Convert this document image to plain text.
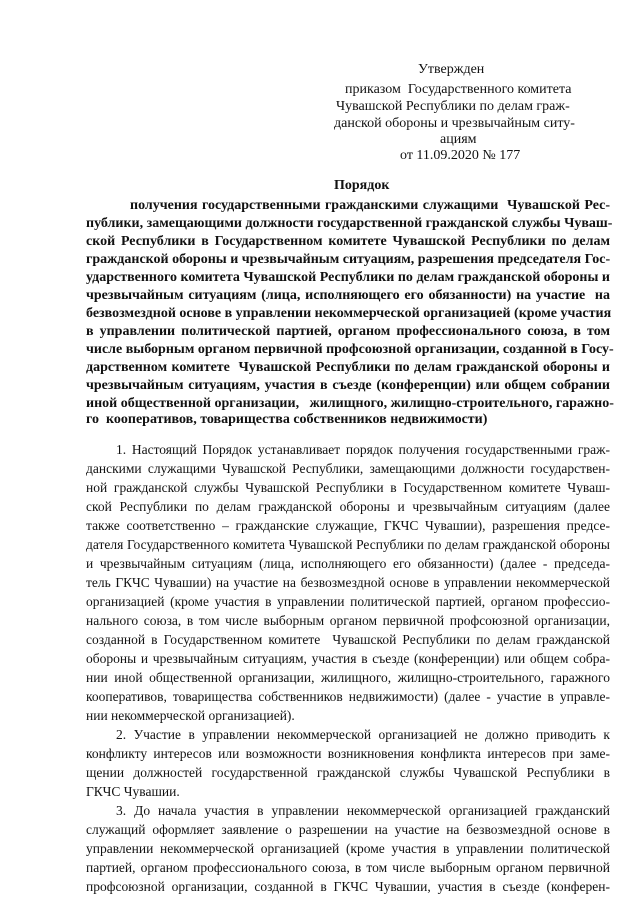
Утвержден
приказом  Государственного комитета
Чувашской Республики по делам граж-
данской обороны и чрезвычайным ситу-
ациям
от 11.09.2020 № 177
Порядок
получения государственными гражданскими служащими  Чувашской Рес-
публики, замещающими должности государственной гражданской службы Чуваш-
ской Республики в Государственном комитете Чувашской Республики по делам
гражданской обороны и чрезвычайным ситуациям, разрешения председателя Гос-
ударственного комитета Чувашской Республики по делам гражданской обороны и
чрезвычайным ситуациям (лица, исполняющего его обязанности) на участие  на
безвозмездной основе в управлении некоммерческой организацией (кроме участия
в управлении политической партией, органом профессионального союза, в том
числе выборным органом первичной профсоюзной организации, созданной в Госу-
дарственном комитете  Чувашской Республики по делам гражданской обороны и
чрезвычайным ситуациям, участия в съезде (конференции) или общем собрании
иной общественной организации,   жилищного, жилищно-строительного, гаражно-
го  кооперативов, товарищества собственников недвижимости)
1. Настоящий Порядок устанавливает порядок получения государственными граж-
данскими служащими Чувашской Республики, замещающими должности государствен-
ной гражданской службы Чувашской Республики в Государственном комитете Чуваш-
ской Республики по делам гражданской обороны и чрезвычайным ситуациям (далее
также соответственно – гражданские служащие, ГКЧС Чувашии), разрешения предсе-
дателя Государственного комитета Чувашской Республики по делам гражданской обороны
и чрезвычайным ситуациям (лица, исполняющего его обязанности) (далее - председа-
тель ГКЧС Чувашии) на участие на безвозмездной основе в управлении некоммерческой
организацией (кроме участия в управлении политической партией, органом профессио-
нального союза, в том числе выборным органом первичной профсоюзной организации,
созданной в Государственном комитете  Чувашской Республики по делам гражданской
обороны и чрезвычайным ситуациям, участия в съезде (конференции) или общем собра-
нии иной общественной организации, жилищного, жилищно-строительного, гаражного
кооперативов, товарищества собственников недвижимости) (далее - участие в управле-
нии некоммерческой организацией).
2. Участие в управлении некоммерческой организацией не должно приводить к
конфликту интересов или возможности возникновения конфликта интересов при заме-
щении должностей государственной гражданской службы Чувашской Республики в
ГКЧС Чувашии.
3. До начала участия в управлении некоммерческой организацией гражданский
служащий оформляет заявление о разрешении на участие на безвозмездной основе в
управлении некоммерческой организацией (кроме участия в управлении политической
партией, органом профессионального союза, в том числе выборным органом первичной
профсоюзной организации, созданной в ГКЧС Чувашии, участия в съезде (конферен-
